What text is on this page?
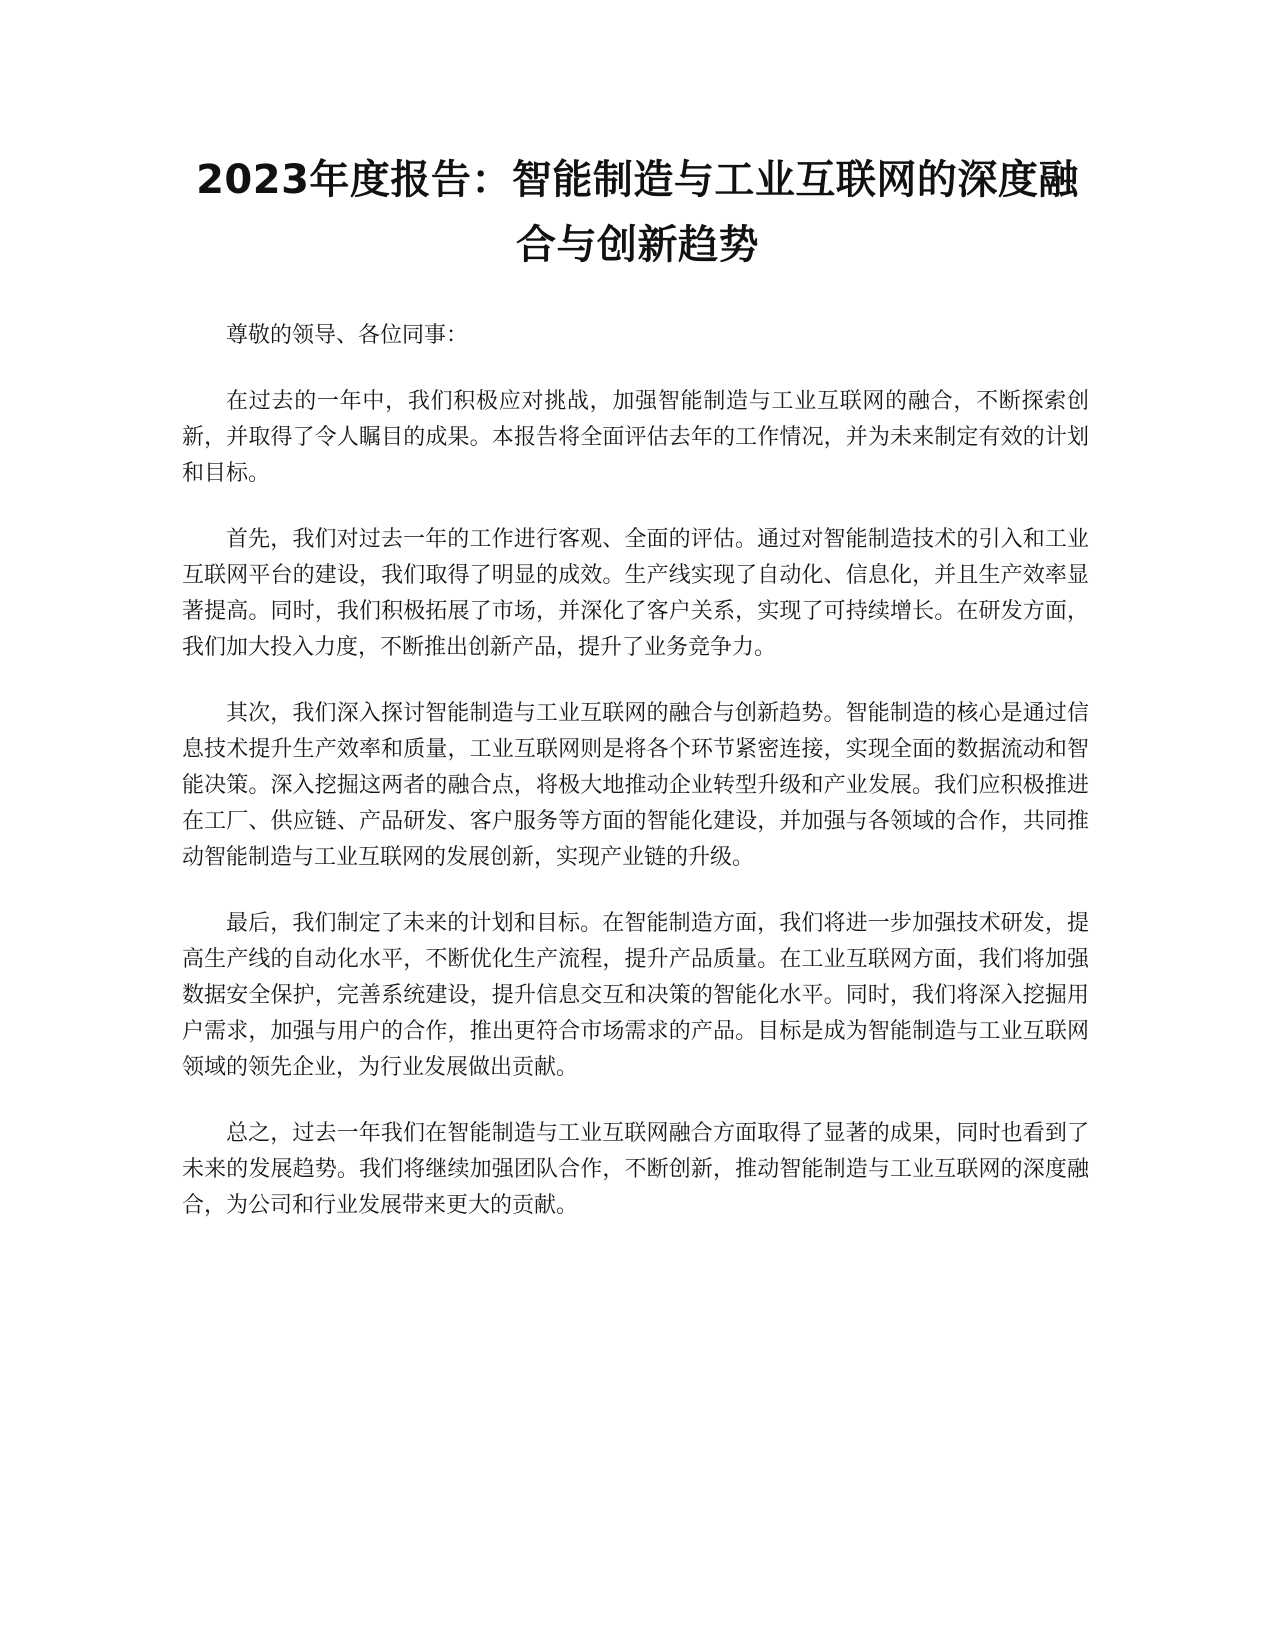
2023年度报告：智能制造与工业互联网的深度融合与创新趋势

尊敬的领导、各位同事：

在过去的一年中，我们积极应对挑战，加强智能制造与工业互联网的融合，不断探索创新，并取得了令人瞩目的成果。本报告将全面评估去年的工作情况，并为未来制定有效的计划和目标。

首先，我们对过去一年的工作进行客观、全面的评估。通过对智能制造技术的引入和工业互联网平台的建设，我们取得了明显的成效。生产线实现了自动化、信息化，并且生产效率显著提高。同时，我们积极拓展了市场，并深化了客户关系，实现了可持续增长。在研发方面，我们加大投入力度，不断推出创新产品，提升了业务竞争力。

其次，我们深入探讨智能制造与工业互联网的融合与创新趋势。智能制造的核心是通过信息技术提升生产效率和质量，工业互联网则是将各个环节紧密连接，实现全面的数据流动和智能决策。深入挖掘这两者的融合点，将极大地推动企业转型升级和产业发展。我们应积极推进在工厂、供应链、产品研发、客户服务等方面的智能化建设，并加强与各领域的合作，共同推动智能制造与工业互联网的发展创新，实现产业链的升级。

最后，我们制定了未来的计划和目标。在智能制造方面，我们将进一步加强技术研发，提高生产线的自动化水平，不断优化生产流程，提升产品质量。在工业互联网方面，我们将加强数据安全保护，完善系统建设，提升信息交互和决策的智能化水平。同时，我们将深入挖掘用户需求，加强与用户的合作，推出更符合市场需求的产品。目标是成为智能制造与工业互联网领域的领先企业，为行业发展做出贡献。

总之，过去一年我们在智能制造与工业互联网融合方面取得了显著的成果，同时也看到了未来的发展趋势。我们将继续加强团队合作，不断创新，推动智能制造与工业互联网的深度融合，为公司和行业发展带来更大的贡献。
